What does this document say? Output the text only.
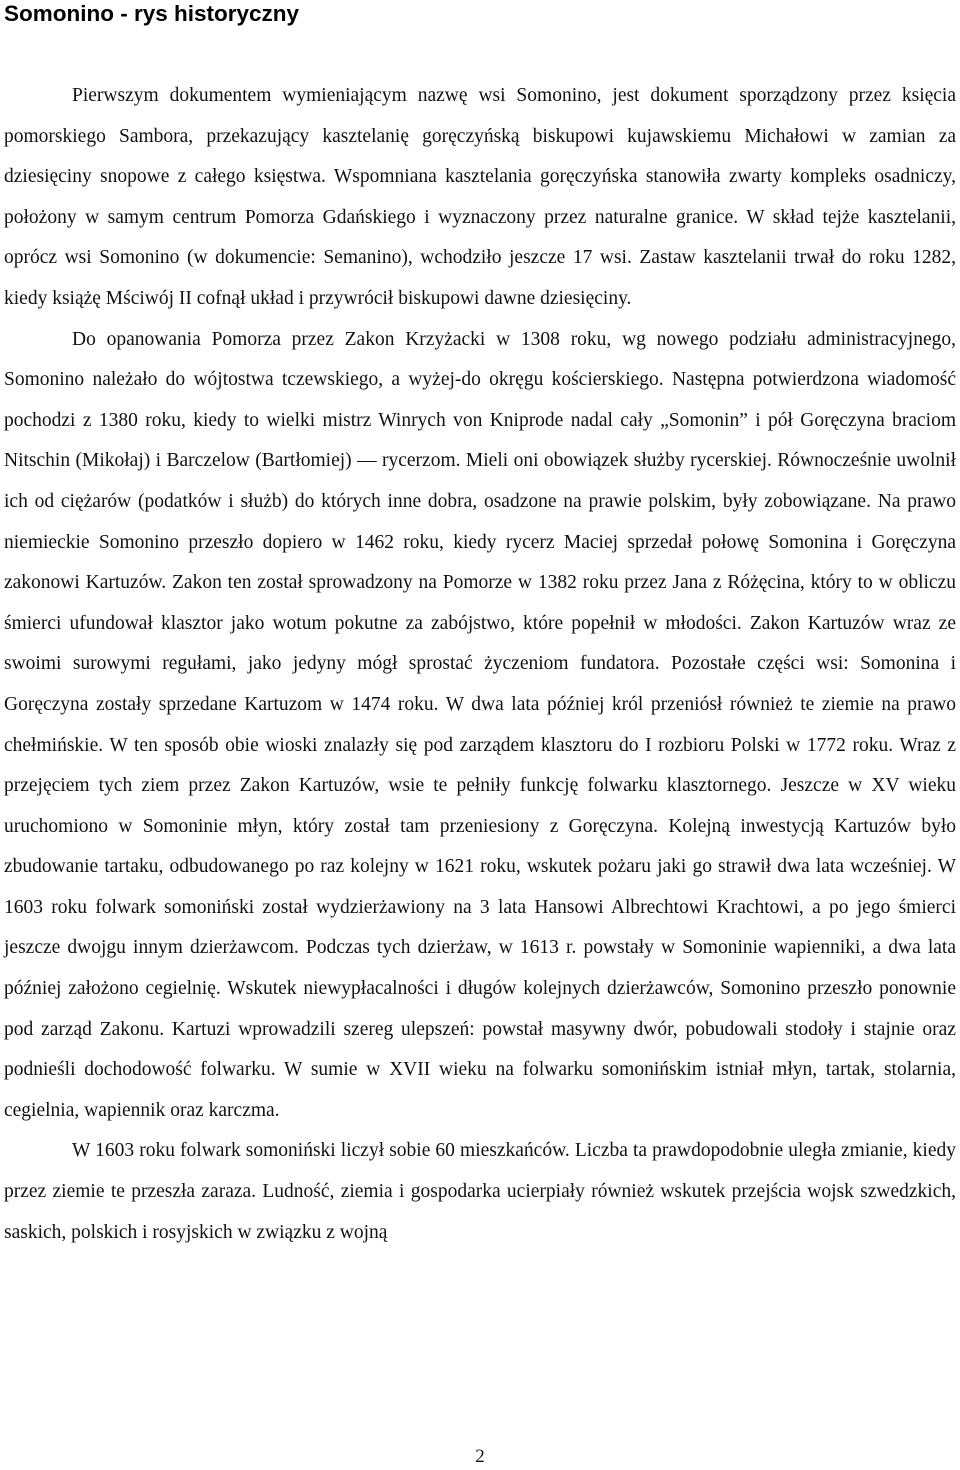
Somonino - rys historyczny

Pierwszym dokumentem wymieniającym nazwę wsi Somonino, jest dokument sporządzony przez księcia pomorskiego Sambora, przekazujący kasztelanię goręczyńską biskupowi kujawskiemu Michałowi w zamian za dziesięciny snopowe z całego księstwa. Wspomniana kasztelania goręczyńska stanowiła zwarty kompleks osadniczy, położony w samym centrum Pomorza Gdańskiego i wyznaczony przez naturalne granice. W skład tejże kasztelanii, oprócz wsi Somonino (w dokumencie: Semanino), wchodziło jeszcze 17 wsi. Zastaw kasztelanii trwał do roku 1282, kiedy książę Mściwój II cofnął układ i przywrócił biskupowi dawne dziesięciny.

Do opanowania Pomorza przez Zakon Krzyżacki w 1308 roku, wg nowego podziału administracyjnego, Somonino należało do wójtostwa tczewskiego, a wyżej-do okręgu kościerskiego. Następna potwierdzona wiadomość pochodzi z 1380 roku, kiedy to wielki mistrz Winrych von Kniprode nadal cały „Somonin” i pół Goręczyna braciom Nitschin (Mikołaj) i Barczelow (Bartłomiej) — rycerzom. Mieli oni obowiązek służby rycerskiej. Równocześnie uwolnił ich od ciężarów (podatków i służb) do których inne dobra, osadzone na prawie polskim, były zobowiązane. Na prawo niemieckie Somonino przeszło dopiero w 1462 roku, kiedy rycerz Maciej sprzedał połowę Somonina i Goręczyna zakonowi Kartuzów. Zakon ten został sprowadzony na Pomorze w 1382 roku przez Jana z Różęcina, który to w obliczu śmierci ufundował klasztor jako wotum pokutne za zabójstwo, które popełnił w młodości. Zakon Kartuzów wraz ze swoimi surowymi regułami, jako jedyny mógł sprostać życzeniom fundatora. Pozostałe części wsi: Somonina i Goręczyna zostały sprzedane Kartuzom w 1474 roku. W dwa lata później król przeniósł również te ziemie na prawo chełmińskie. W ten sposób obie wioski znalazły się pod zarządem klasztoru do I rozbioru Polski w 1772 roku. Wraz z przejęciem tych ziem przez Zakon Kartuzów, wsie te pełniły funkcję folwarku klasztornego. Jeszcze w XV wieku uruchomiono w Somoninie młyn, który został tam przeniesiony z Goręczyna. Kolejną inwestycją Kartuzów było zbudowanie tartaku, odbudowanego po raz kolejny w 1621 roku, wskutek pożaru jaki go strawił dwa lata wcześniej. W 1603 roku folwark somoniński został wydzierżawiony na 3 lata Hansowi Albrechtowi Krachtowi, a po jego śmierci jeszcze dwojgu innym dzierżawcom. Podczas tych dzierżaw, w 1613 r. powstały w Somoninie wapienniki, a dwa lata później założono cegielnię. Wskutek niewypłacalności i długów kolejnych dzierżawców, Somonino przeszło ponownie pod zarząd Zakonu. Kartuzi wprowadzili szereg ulepszeń: powstał masywny dwór, pobudowali stodoły i stajnie oraz podnieśli dochodowość folwarku. W sumie w XVII wieku na folwarku somonińskim istniał młyn, tartak, stolarnia, cegielnia, wapiennik oraz karczma.

W 1603 roku folwark somoniński liczył sobie 60 mieszkańców. Liczba ta prawdopodobnie uległa zmianie, kiedy przez ziemie te przeszła zaraza. Ludność, ziemia i gospodarka ucierpiały również wskutek przejścia wojsk szwedzkich, saskich, polskich i rosyjskich w związku z wojną

2
